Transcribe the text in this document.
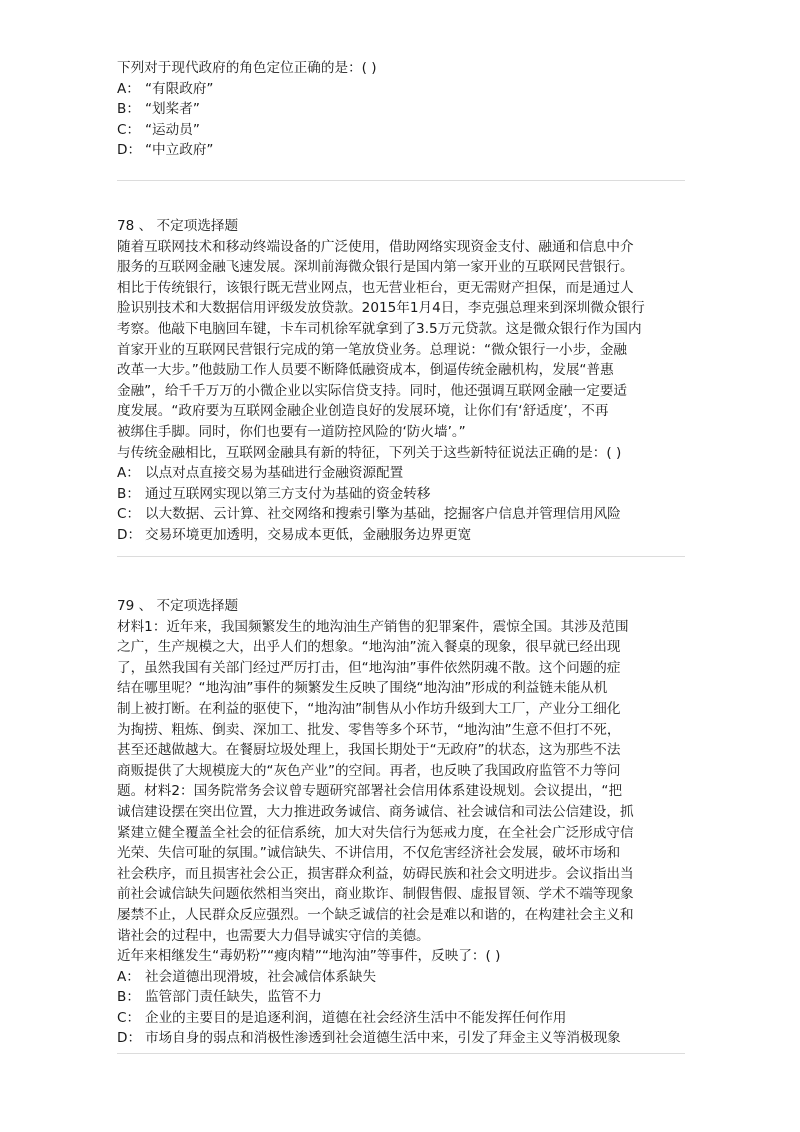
下列对于现代政府的角色定位正确的是：( )
A： “有限政府”
B： “划桨者”
C： “运动员”
D： “中立政府”
78 、 不定项选择题
随着互联网技术和移动终端设备的广泛使用，借助网络实现资金支付、融通和信息中介
服务的互联网金融飞速发展。深圳前海微众银行是国内第一家开业的互联网民营银行。
相比于传统银行，该银行既无营业网点，也无营业柜台，更无需财产担保，而是通过人
脸识别技术和大数据信用评级发放贷款。2015年1月4日，李克强总理来到深圳微众银行
考察。他敲下电脑回车键，卡车司机徐军就拿到了3.5万元贷款。这是微众银行作为国内
首家开业的互联网民营银行完成的第一笔放贷业务。总理说：“微众银行一小步，金融
改革一大步。”他鼓励工作人员要不断降低融资成本，倒逼传统金融机构，发展“普惠
金融”，给千千万万的小微企业以实际信贷支持。同时，他还强调互联网金融一定要适
度发展。“政府要为互联网金融企业创造良好的发展环境，让你们有‘舒适度’，不再
被绑住手脚。同时，你们也要有一道防控风险的‘防火墙’。”
与传统金融相比，互联网金融具有新的特征，下列关于这些新特征说法正确的是：( )
A： 以点对点直接交易为基础进行金融资源配置
B： 通过互联网实现以第三方支付为基础的资金转移
C： 以大数据、云计算、社交网络和搜索引擎为基础，挖掘客户信息并管理信用风险
D： 交易环境更加透明，交易成本更低，金融服务边界更宽
79 、 不定项选择题
材料1：近年来，我国频繁发生的地沟油生产销售的犯罪案件，震惊全国。其涉及范围
之广，生产规模之大，出乎人们的想象。“地沟油”流入餐桌的现象，很早就已经出现
了，虽然我国有关部门经过严厉打击，但“地沟油”事件依然阴魂不散。这个问题的症
结在哪里呢？“地沟油”事件的频繁发生反映了围绕“地沟油”形成的利益链未能从机
制上被打断。在利益的驱使下，“地沟油”制售从小作坊升级到大工厂，产业分工细化
为掏捞、粗炼、倒卖、深加工、批发、零售等多个环节，“地沟油”生意不但打不死，
甚至还越做越大。在餐厨垃圾处理上，我国长期处于“无政府”的状态，这为那些不法
商贩提供了大规模庞大的“灰色产业”的空间。再者，也反映了我国政府监管不力等问
题。材料2：国务院常务会议曾专题研究部署社会信用体系建设规划。会议提出，“把
诚信建设摆在突出位置，大力推进政务诚信、商务诚信、社会诚信和司法公信建设，抓
紧建立健全覆盖全社会的征信系统，加大对失信行为惩戒力度，在全社会广泛形成守信
光荣、失信可耻的氛围。”诚信缺失、不讲信用，不仅危害经济社会发展，破坏市场和
社会秩序，而且损害社会公正，损害群众利益，妨碍民族和社会文明进步。会议指出当
前社会诚信缺失问题依然相当突出，商业欺诈、制假售假、虚报冒领、学术不端等现象
屡禁不止，人民群众反应强烈。一个缺乏诚信的社会是难以和谐的，在构建社会主义和
谐社会的过程中，也需要大力倡导诚实守信的美德。
近年来相继发生“毒奶粉”“瘦肉精”“地沟油”等事件，反映了：( )
A： 社会道德出现滑坡，社会减信体系缺失
B： 监管部门责任缺失，监管不力
C： 企业的主要目的是追逐利润，道德在社会经济生活中不能发挥任何作用
D： 市场自身的弱点和消极性渗透到社会道德生活中来，引发了拜金主义等消极现象
